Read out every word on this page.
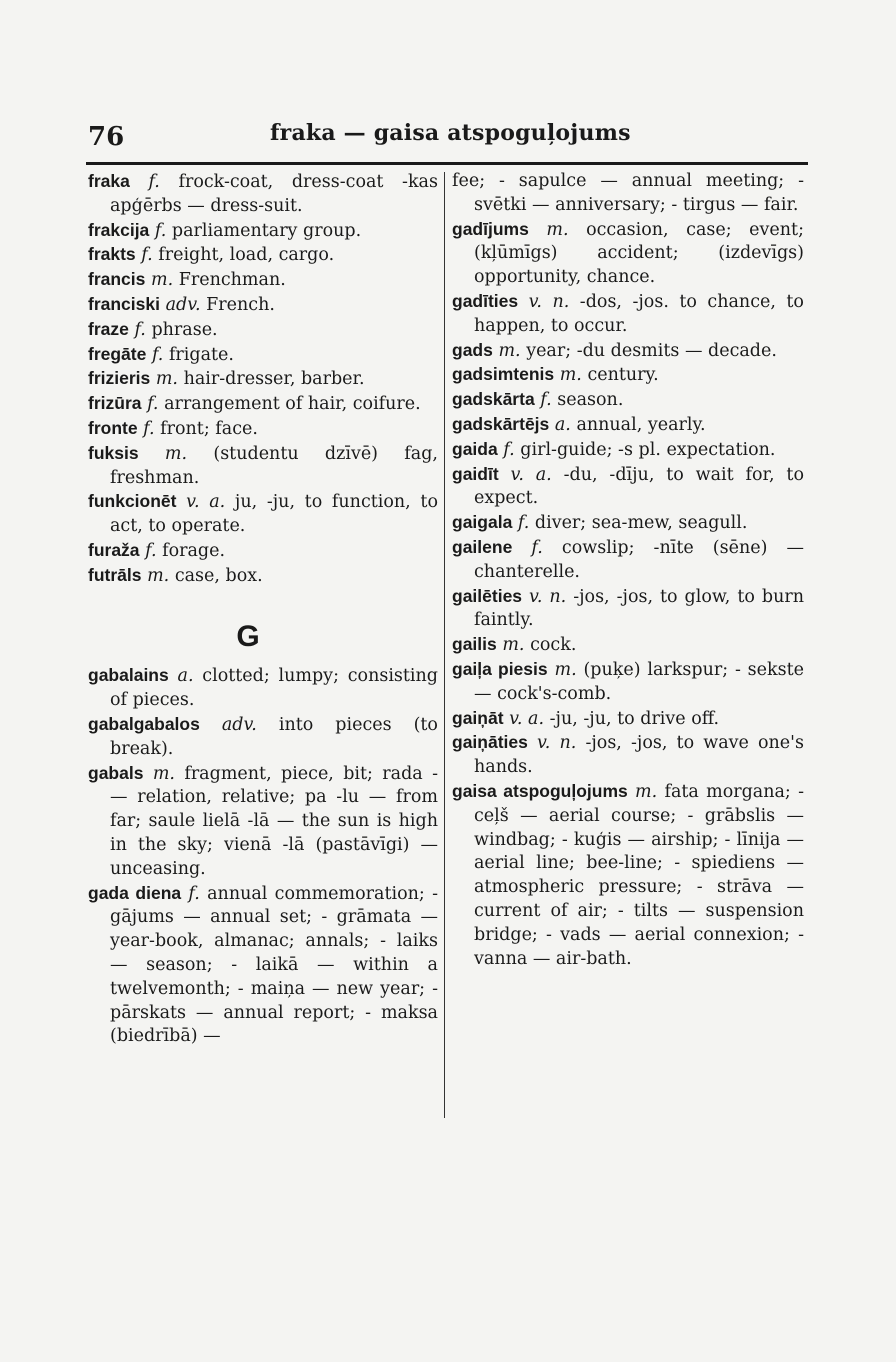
76	fraka — gaisa atspoguļojums

fraka f. frock-coat, dress-coat -kas apģērbs — dress-suit.

frakcija f. parliamentary group.

frakts f. freight, load, cargo.

francis m. Frenchman.

franciski adv. French.

fraze f. phrase.

fregāte f. frigate.

frizieris m. hair-dresser, barber.

frizūra f. arrangement of hair, coifure.

fronte f. front; face.

fuksis m. (studentu dzīvē) fag, freshman.

funkcionēt v. a. ju, -ju, to function, to act, to operate.

furaža f. forage.

futrāls m. case, box.

G

gabalains a. clotted; lumpy; consisting of pieces.

gabalgabalos adv. into pieces (to break).

gabals m. fragment, piece, bit; rada - — relation, relative; pa -lu — from far; saule lielā -lā — the sun is high in the sky; vienā -lā (pastāvīgi) — unceasing.

gada diena f. annual commemoration; - gājums — annual set; - grāmata — year-book, almanac; annals; - laiks — season; - laikā — within a twelvemonth; - maiņa — new year; - pārskats — annual report; - maksa (biedrībā) —

fee; - sapulce — annual meeting; - svētki — anniversary; - tirgus — fair.

gadījums m. occasion, case; event; (kļūmīgs) accident; (izdevīgs) opportunity, chance.

gadīties v. n. -dos, -jos. to chance, to happen, to occur.

gads m. year; -du desmits — decade.

gadsimtenis m. century.

gadskārta f. season.

gadskārtējs a. annual, yearly.

gaida f. girl-guide; -s pl. expectation.

gaidīt v. a. -du, -dīju, to wait for, to expect.

gaigala f. diver; sea-mew, seagull.

gailene f. cowslip; -nīte (sēne) — chanterelle.

gailēties v. n. -jos, -jos, to glow, to burn faintly.

gailis m. cock.

gaiļa piesis m. (puķe) larkspur; - sekste — cock's-comb.

gaiņāt v. a. -ju, -ju, to drive off.

gaiņāties v. n. -jos, -jos, to wave one's hands.

gaisa atspoguļojums m. fata morgana; - ceļš — aerial course; - grābslis — windbag; - kuģis — airship; - līnija — aerial line; bee-line; - spiediens — atmospheric pressure; - strāva — current of air; - tilts — suspension bridge; - vads — aerial connexion; - vanna — air-bath.
